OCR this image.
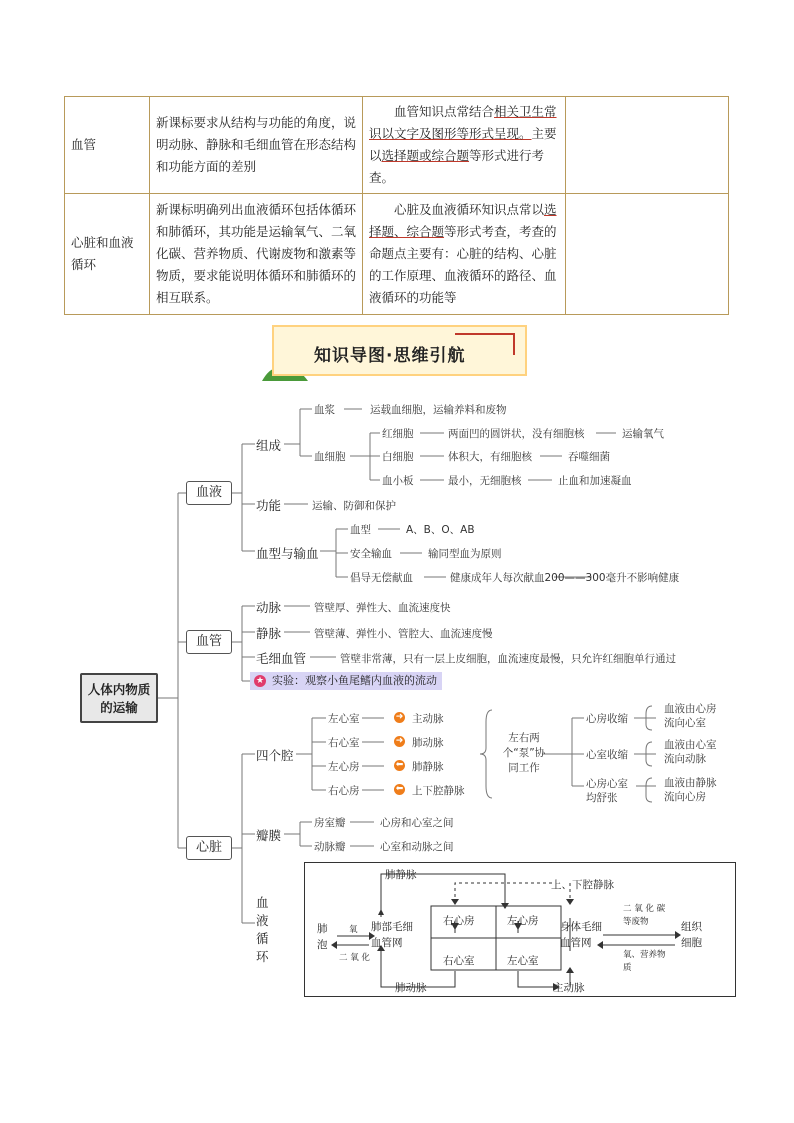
血管	新课标要求从结构与功能的角度，说明动脉、静脉和毛细血管在形态结构和功能方面的差别	血管知识点常结合相关卫生常识以文字及图形等形式呈现。主要以选择题或综合题等形式进行考查。	
心脏和血液循环	新课标明确列出血液循环包括体循环和肺循环，其功能是运输氧气、二氧化碳、营养物质、代谢废物和激素等物质，要求能说明体循环和肺循环的相互联系。	心脏及血液循环知识点常以选择题、综合题等形式考查，考查的命题点主要有：心脏的结构、心脏的工作原理、血液循环的路径、血液循环的功能等	
知识导图·思维引航
人体内物质的运输
血液
组成
血浆	运载血细胞，运输养料和废物
血细胞
红细胞	两面凹的圆饼状，没有细胞核	运输氧气
白细胞	体积大，有细胞核	吞噬细菌
血小板	最小，无细胞核	止血和加速凝血
功能	运输、防御和保护
血型与输血
血型	A、B、O、AB
安全输血	输同型血为原则
倡导无偿献血	健康成年人每次献血200——300毫升不影响健康
血管
动脉	管壁厚、弹性大、血流速度快
静脉	管壁薄、弹性小、管腔大、血流速度慢
毛细血管	管壁非常薄，只有一层上皮细胞，血流速度最慢，只允许红细胞单行通过
★ 实验：观察小鱼尾鳍内血液的流动
心脏
四个腔
左心室	➜ 主动脉
右心室	➜ 肺动脉
左心房	⬅ 肺静脉
右心房	⬅ 上下腔静脉
左右两个“泵”协同工作
心房收缩
血液由心房流向心室
心室收缩
血液由心室流向动脉
心房心室均舒张
血液由静脉流向心房
瓣膜
房室瓣	心房和心室之间
动脉瓣	心室和动脉之间
血液循环
肺静脉
上、下腔静脉
肺泡
氧
二 氧 化
肺部毛细血管网
右心房	左心房
右心室	左心室
身体毛细血管网
二 氧 化 碳等废物
氧、营养物质
组织细胞
肺动脉	主动脉
